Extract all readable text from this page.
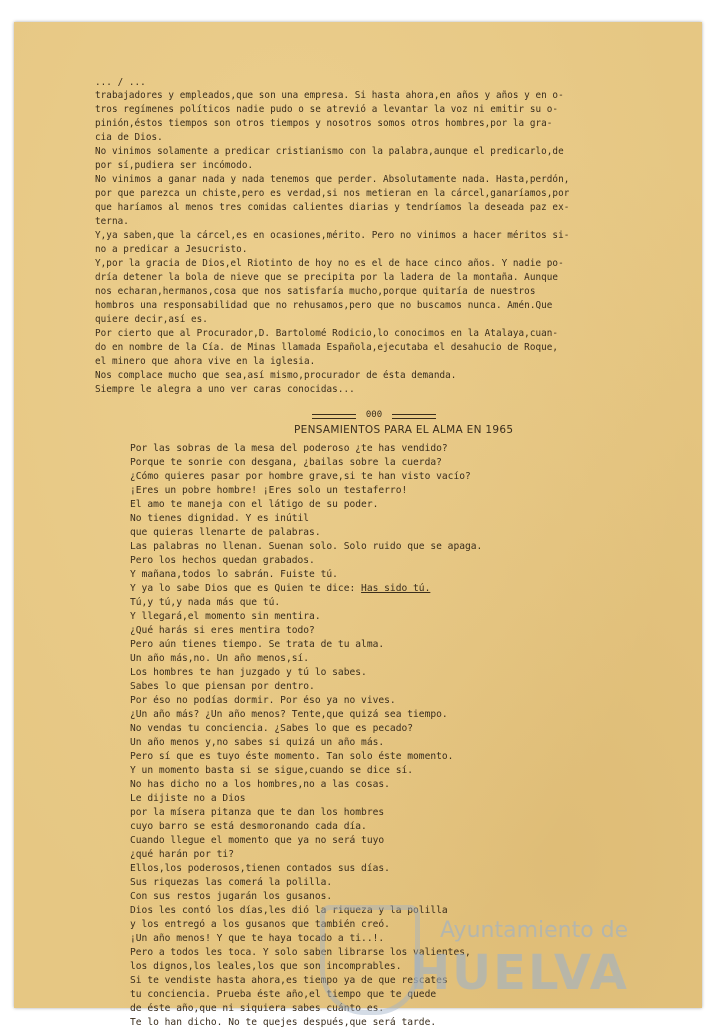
... / ...
trabajadores y empleados,que son una empresa. Si hasta ahora,en años y años y en o-
tros regímenes políticos nadie pudo o se atrevió a levantar la voz ni emitir su o-
pinión,éstos tiempos son otros tiempos y nosotros somos otros hombres,por la gra-
cia de Dios.
No vinimos solamente a predicar cristianismo con la palabra,aunque el predicarlo,de
por sí,pudiera ser incómodo.
No vinimos a ganar nada y nada tenemos que perder. Absolutamente nada. Hasta,perdón,
por que parezca un chiste,pero es verdad,si nos metieran en la cárcel,ganaríamos,por
que haríamos al menos tres comidas calientes diarias y tendríamos la deseada paz ex-
terna.
Y,ya saben,que la cárcel,es en ocasiones,mérito. Pero no vinimos a hacer méritos si-
no a predicar a Jesucristo.
Y,por la gracia de Dios,el Riotinto de hoy no es el de hace cinco años. Y nadie po-
dría detener la bola de nieve que se precipita por la ladera de la montaña. Aunque
nos echaran,hermanos,cosa que nos satisfaría mucho,porque quitaría de nuestros
hombros una responsabilidad que no rehusamos,pero que no buscamos nunca. Amén.Que
quiere decir,así es.
Por cierto que al Procurador,D. Bartolomé Rodicio,lo conocimos en la Atalaya,cuan-
do en nombre de la Cía. de Minas llamada Española,ejecutaba el desahucio de Roque,
el minero que ahora vive en la iglesia.
Nos complace mucho que sea,así mismo,procurador de ésta demanda.
Siempre le alegra a uno ver caras conocidas...
000
PENSAMIENTOS PARA EL ALMA EN 1965
Por las sobras de la mesa del poderoso ¿te has vendido?
Porque te sonrie con desgana, ¿bailas sobre la cuerda?
¿Cómo quieres pasar por hombre grave,si te han visto vacío?
¡Eres un pobre hombre! ¡Eres solo un testaferro!
El amo te maneja con el látigo de su poder.
No tienes dignidad. Y es inútil
que quieras llenarte de palabras.
Las palabras no llenan. Suenan solo. Solo ruido que se apaga.
Pero los hechos quedan grabados.
Y mañana,todos lo sabrán. Fuiste tú.
Y ya lo sabe Dios que es Quien te dice: Has sido tú.
Tú,y tú,y nada más que tú.
Y llegará,el momento sin mentira.
¿Qué harás si eres mentira todo?
Pero aún tienes tiempo. Se trata de tu alma.
Un año más,no. Un año menos,sí.
Los hombres te han juzgado y tú lo sabes.
Sabes lo que piensan por dentro.
Por éso no podías dormir. Por éso ya no vives.
¿Un año más? ¿Un año menos? Tente,que quizá sea tiempo.
No vendas tu conciencia. ¿Sabes lo que es pecado?
Un año menos y,no sabes si quizá un año más.
Pero sí que es tuyo éste momento. Tan solo éste momento.
Y un momento basta si se sigue,cuando se dice sí.
No has dicho no a los hombres,no a las cosas.
Le dijiste no a Dios
por la mísera pitanza que te dan los hombres
cuyo barro se está desmoronando cada día.
Cuando llegue el momento que ya no será tuyo
¿qué harán por ti?
Ellos,los poderosos,tienen contados sus días.
Sus riquezas las comerá la polilla.
Con sus restos jugarán los gusanos.
Dios les contó los días,les dió la riqueza y la polilla
y los entregó a los gusanos que también creó.
¡Un año menos! Y que te haya tocado a ti..!.
Pero a todos les toca. Y solo saben librarse los valientes,
los dignos,los leales,los que son incomprables.
Si te vendiste hasta ahora,es tiempo ya de que rescates
tu conciencia. Prueba éste año,el tiempo que te quede
de éste año,que ni siquiera sabes cuánto es.
Te lo han dicho. No te quejes después,que será tarde.
Ayuntamiento de
HUELVA
